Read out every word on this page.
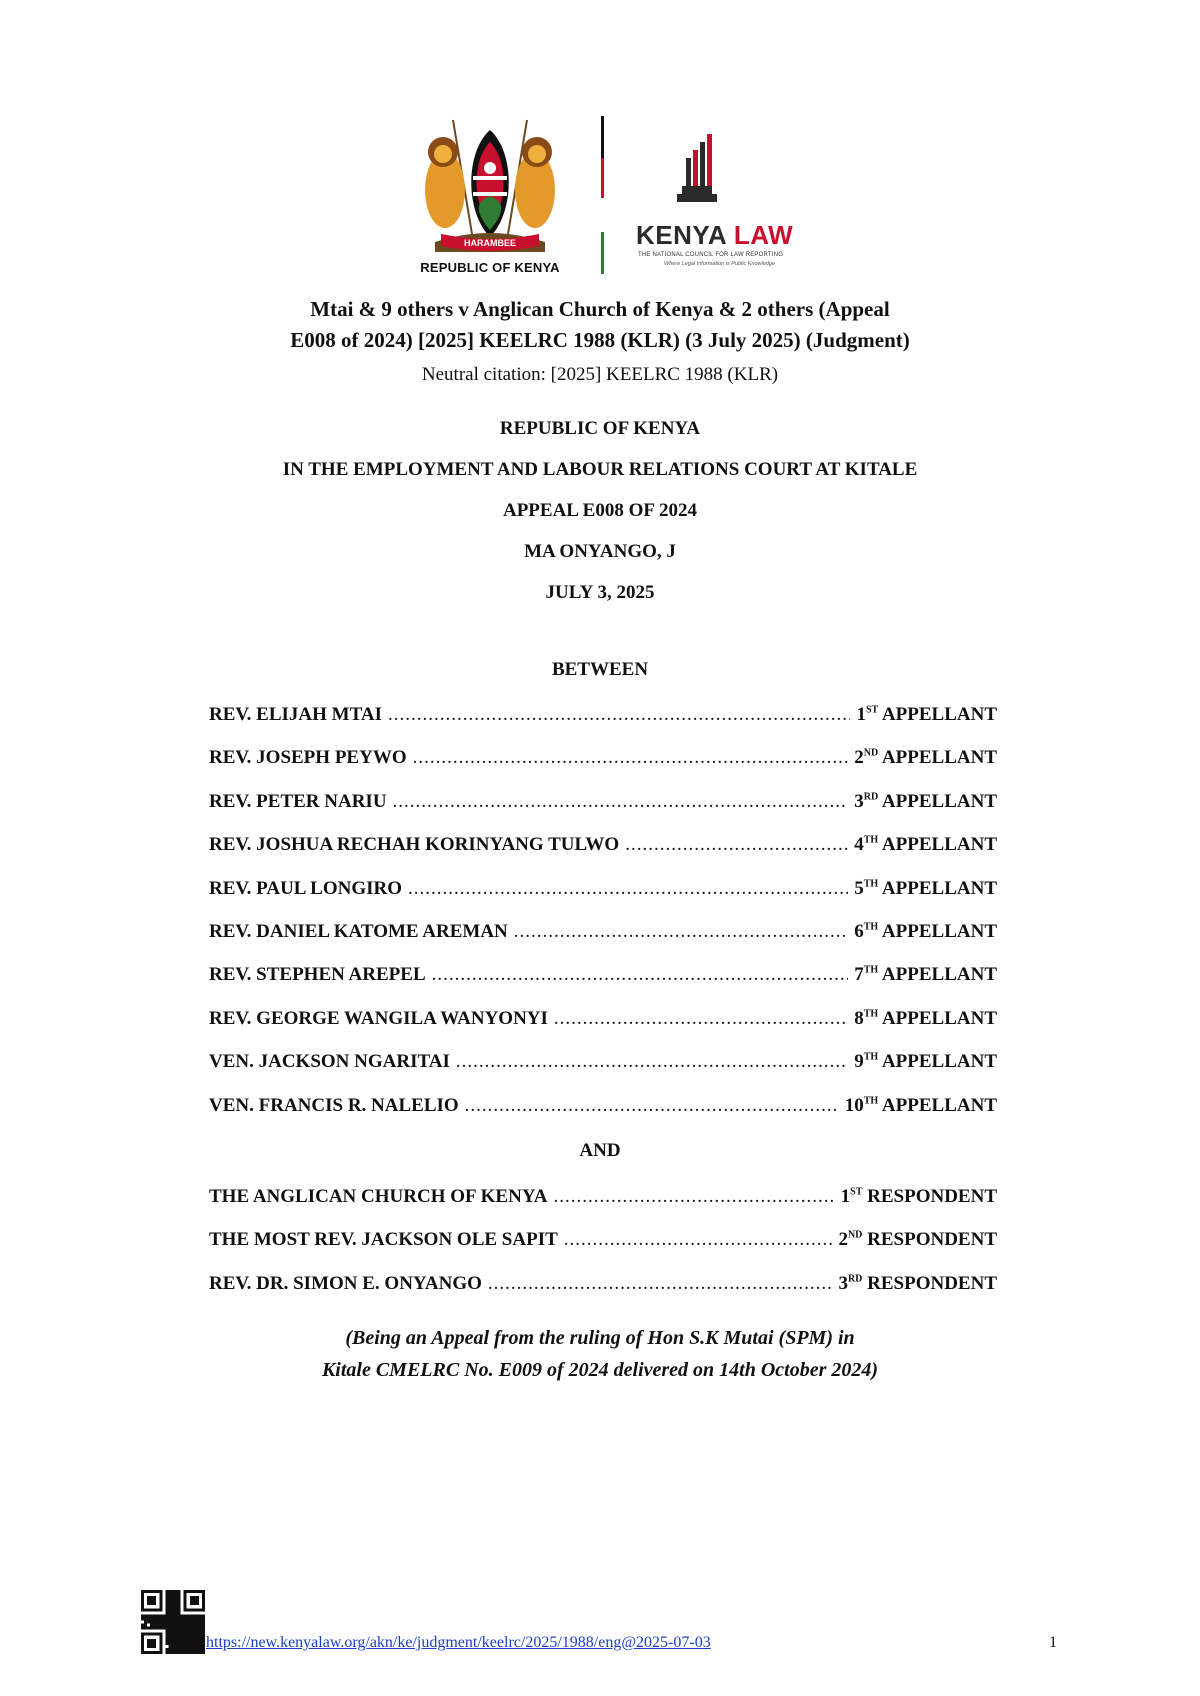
HARAMBEE
REPUBLIC OF KENYA
KENYA LAW
THE NATIONAL COUNCIL FOR LAW REPORTING
Where Legal Information is Public Knowledge
Mtai & 9 others v Anglican Church of Kenya & 2 others (Appeal
E008 of 2024) [2025] KEELRC 1988 (KLR) (3 July 2025) (Judgment)
Neutral citation: [2025] KEELRC 1988 (KLR)
REPUBLIC OF KENYA
IN THE EMPLOYMENT AND LABOUR RELATIONS COURT AT KITALE
APPEAL E008 OF 2024
MA ONYANGO, J
JULY 3, 2025
BETWEEN
REV. ELIJAH MTAI .....	1ST APPELLANT
REV. JOSEPH PEYWO .....	2ND APPELLANT
REV. PETER NARIU .....	3RD APPELLANT
REV. JOSHUA RECHAH KORINYANG TULWO .....	4TH APPELLANT
REV. PAUL LONGIRO .....	5TH APPELLANT
REV. DANIEL KATOME AREMAN .....	6TH APPELLANT
REV. STEPHEN AREPEL .....	7TH APPELLANT
REV. GEORGE WANGILA WANYONYI .....	8TH APPELLANT
VEN. JACKSON NGARITAI .....	9TH APPELLANT
VEN. FRANCIS R. NALELIO .....	10TH APPELLANT
AND
THE ANGLICAN CHURCH OF KENYA .....	1ST RESPONDENT
THE MOST REV. JACKSON OLE SAPIT .....	2ND RESPONDENT
REV. DR. SIMON E. ONYANGO .....	3RD RESPONDENT
(Being an Appeal from the ruling of Hon S.K Mutai (SPM) in
Kitale CMELRC No. E009 of 2024 delivered on 14th October 2024)
https://new.kenyalaw.org/akn/ke/judgment/keelrc/2025/1988/eng@2025-07-03	1
